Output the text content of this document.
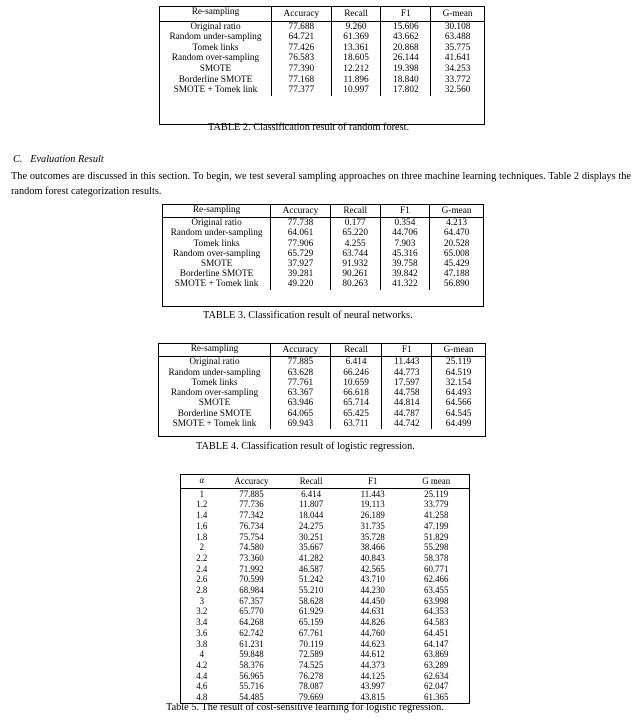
Re-sampling	Accuracy	Recall	F1	G-mean
Original ratio	77.688	9.260	15.606	30.108
Random under-sampling	64.721	61.369	43.662	63.488
Tomek links	77.426	13.361	20.868	35.775
Random over-sampling	76.583	18.605	26.144	41.641
SMOTE	77.390	12.212	19.398	34.253
Borderline SMOTE	77.168	11.896	18.840	33.772
SMOTE + Tomek link	77.377	10.997	17.802	32.560

TABLE 2. Classification result of random forest.
C. Evaluation Result
The outcomes are discussed in this section. To begin, we test several sampling approaches on three machine learning techniques. Table 2 displays the random forest categorization results.
Re-sampling	Accuracy	Recall	F1	G-mean
Original ratio	77.738	0.177	0.354	4.213
Random under-sampling	64.061	65.220	44.706	64.470
Tomek links	77.906	4.255	7.903	20.528
Random over-sampling	65.729	63.744	45.316	65.008
SMOTE	37.927	91.932	39.758	45.429
Borderline SMOTE	39.281	90.261	39.842	47.188
SMOTE + Tomek link	49.220	80.263	41.322	56.890

TABLE 3. Classification result of neural networks.
Re-sampling	Accuracy	Recall	F1	G-mean
Original ratio	77.885	6.414	11.443	25.119
Random under-sampling	63.628	66.246	44.773	64.519
Tomek links	77.761	10.659	17.597	32.154
Random over-sampling	63.367	66.618	44.758	64.493
SMOTE	63.946	65.714	44.814	64.566
Borderline SMOTE	64.065	65.425	44.787	64.545
SMOTE + Tomek link	69.943	63.711	44.742	64.499

TABLE 4. Classification result of logistic regression.
α	Accuracy	Recall	F1	G mean
1	77.885	6.414	11.443	25.119
1.2	77.736	11.807	19.113	33.779
1.4	77.342	18.044	26.189	41.258
1.6	76.734	24.275	31.735	47.199
1.8	75.754	30.251	35.728	51.829
2	74.580	35.667	38.466	55.298
2.2	73.360	41.282	40.843	58.378
2.4	71.992	46.587	42.565	60.771
2.6	70.599	51.242	43.710	62.466
2.8	68.984	55.210	44.230	63.455
3	67.357	58.628	44.450	63.998
3.2	65.770	61.929	44.631	64.353
3.4	64.268	65.159	44.826	64.583
3.6	62.742	67.761	44.760	64.451
3.8	61.231	70.119	44.623	64.147
4	59.848	72.589	44.612	63.869
4.2	58.376	74.525	44.373	63.289
4.4	56.965	76.278	44.125	62.634
4.6	55.716	78.087	43.997	62.047
4.8	54.485	79.669	43.815	61.365
Table 5. The result of cost-sensitive learning for logistic regression.
